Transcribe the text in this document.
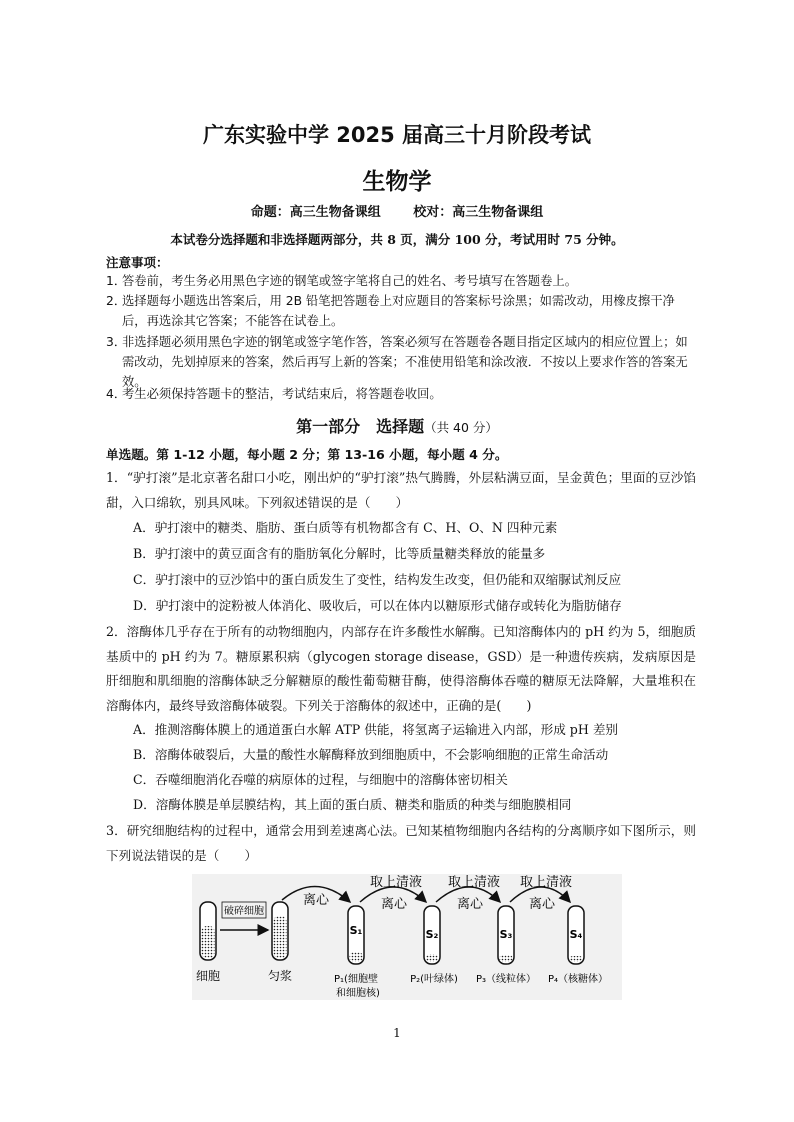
广东实验中学 2025 届高三十月阶段考试
生物学
命题：高三生物备课组	校对：高三生物备课组
本试卷分选择题和非选择题两部分，共 8 页，满分 100 分，考试用时 75 分钟。
注意事项：
1．
答卷前，考生务必用黑色字迹的钢笔或签字笔将自己的姓名、考号填写在答题卷上。
2．
选择题每小题选出答案后，用 2B 铅笔把答题卷上对应题目的答案标号涂黑；如需改动，用橡皮擦干净后，再选涂其它答案；不能答在试卷上。
3．
非选择题必须用黑色字迹的钢笔或签字笔作答，答案必须写在答题卷各题目指定区域内的相应位置上；如需改动，先划掉原来的答案，然后再写上新的答案；不准使用铅笔和涂改液．不按以上要求作答的答案无效。
4．
考生必须保持答题卡的整洁，考试结束后，将答题卷收回。
第一部分　选择题（共 40 分）
单选题。第 1-12 小题，每小题 2 分；第 13-16 小题，每小题 4 分。
1．“驴打滚”是北京著名甜口小吃，刚出炉的“驴打滚”热气腾腾，外层粘满豆面，呈金黄色；里面的豆沙馅甜，入口绵软，别具风味。下列叙述错误的是（　　）
A．驴打滚中的糖类、脂肪、蛋白质等有机物都含有 C、H、O、N 四种元素
B．驴打滚中的黄豆面含有的脂肪氧化分解时，比等质量糖类释放的能量多
C．驴打滚中的豆沙馅中的蛋白质发生了变性，结构发生改变，但仍能和双缩脲试剂反应
D．驴打滚中的淀粉被人体消化、吸收后，可以在体内以糖原形式储存或转化为脂肪储存
2．溶酶体几乎存在于所有的动物细胞内，内部存在许多酸性水解酶。已知溶酶体内的 pH 约为 5，细胞质基质中的 pH 约为 7。糖原累积病（glycogen storage disease，GSD）是一种遗传疾病，发病原因是肝细胞和肌细胞的溶酶体缺乏分解糖原的酸性葡萄糖苷酶，使得溶酶体吞噬的糖原无法降解，大量堆积在溶酶体内，最终导致溶酶体破裂。下列关于溶酶体的叙述中，正确的是(　　)
A．推测溶酶体膜上的通道蛋白水解 ATP 供能，将氢离子运输进入内部，形成 pH 差别
B．溶酶体破裂后，大量的酸性水解酶释放到细胞质中，不会影响细胞的正常生命活动
C．吞噬细胞消化吞噬的病原体的过程，与细胞中的溶酶体密切相关
D．溶酶体膜是单层膜结构，其上面的蛋白质、糖类和脂质的种类与细胞膜相同
3．研究细胞结构的过程中，通常会用到差速离心法。已知某植物细胞内各结构的分离顺序如下图所示，则下列说法错误的是（　　）
破碎细胞
S₁	S₂	S₃	S₄
离心	离心	离心	离心
取上清液 取上清液 取上清液
细胞	匀浆	P₁(细胞壁
和细胞核)
P₂(叶绿体) P₃（线粒体） P₄（核糖体）
1
